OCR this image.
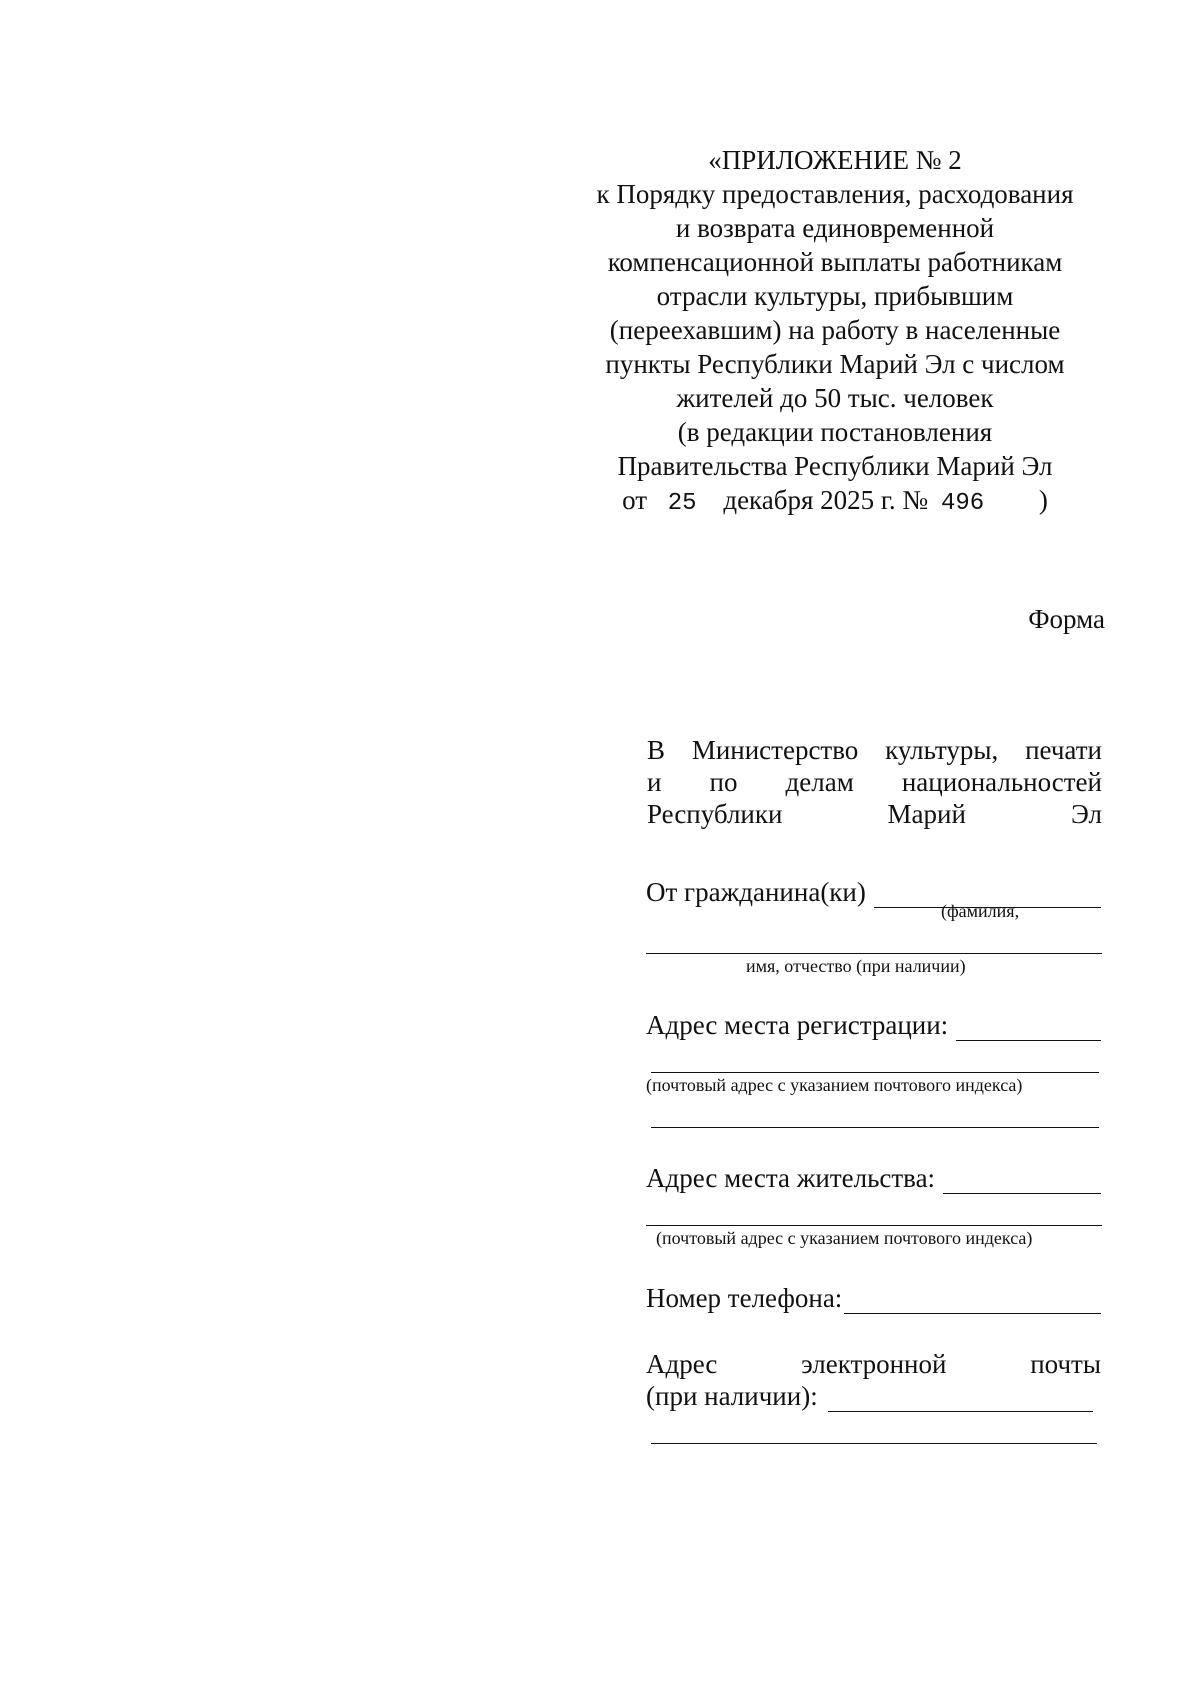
«ПРИЛОЖЕНИЕ № 2
к Порядку предоставления, расходования
и возврата единовременной
компенсационной выплаты работникам
отрасли культуры, прибывшим
(переехавшим) на работу в населенные
пункты Республики Марий Эл с числом
жителей до 50 тыс. человек
(в редакции постановления
Правительства Республики Марий Эл
от 25 декабря 2025 г. № 496 )
Форма
В Министерство культуры, печати
и по делам национальностей
Республики	Марий	Эл
От гражданина(ки)
(фамилия,
имя, отчество (при наличии)
Адрес места регистрации:
(почтовый адрес с указанием почтового индекса)
Адрес места жительства:
(почтовый адрес с указанием почтового индекса)
Номер телефона:
Адрес	электронной	почты
(при наличии):
